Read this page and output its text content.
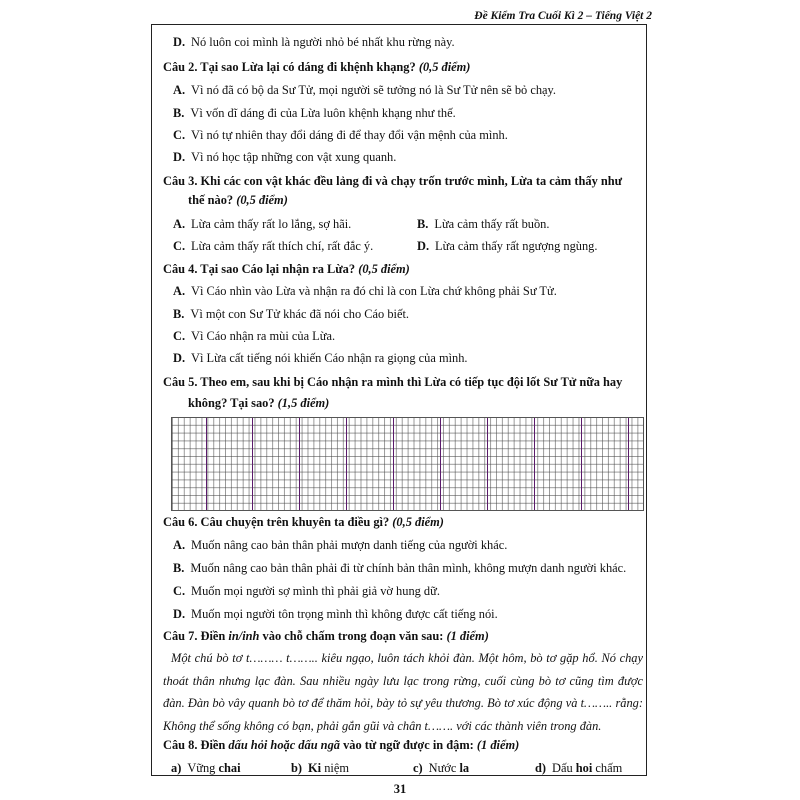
Đề Kiểm Tra Cuối Kì 2 – Tiếng Việt 2
D. Nó luôn coi mình là người nhỏ bé nhất khu rừng này.
Câu 2. Tại sao Lừa lại có dáng đi khệnh khạng? (0,5 điểm)
A. Vì nó đã có bộ da Sư Tử, mọi người sẽ tưởng nó là Sư Tử nên sẽ bỏ chạy.
B. Vì vốn dĩ dáng đi của Lừa luôn khệnh khạng như thế.
C. Vì nó tự nhiên thay đổi dáng đi để thay đổi vận mệnh của mình.
D. Vì nó học tập những con vật xung quanh.
Câu 3. Khi các con vật khác đều lảng đi và chạy trốn trước mình, Lừa ta cảm thấy như
thế nào? (0,5 điểm)
A. Lừa cảm thấy rất lo lắng, sợ hãi.	B. Lừa cảm thấy rất buồn.
C. Lừa cảm thấy rất thích chí, rất đắc ý.	D. Lừa cảm thấy rất ngượng ngùng.
Câu 4. Tại sao Cáo lại nhận ra Lừa? (0,5 điểm)
A. Vì Cáo nhìn vào Lừa và nhận ra đó chỉ là con Lừa chứ không phải Sư Tử.
B. Vì một con Sư Tử khác đã nói cho Cáo biết.
C. Vì Cáo nhận ra mùi của Lừa.
D. Vì Lừa cất tiếng nói khiến Cáo nhận ra giọng của mình.
Câu 5. Theo em, sau khi bị Cáo nhận ra mình thì Lừa có tiếp tục đội lốt Sư Tử nữa hay
không? Tại sao? (1,5 điểm)
Câu 6. Câu chuyện trên khuyên ta điều gì? (0,5 điểm)
A. Muốn nâng cao bản thân phải mượn danh tiếng của người khác.
B. Muốn nâng cao bản thân phải đi từ chính bản thân mình, không mượn danh người khác.
C. Muốn mọi người sợ mình thì phải giả vờ hung dữ.
D. Muốn mọi người tôn trọng mình thì không được cất tiếng nói.
Câu 7. Điền in/inh vào chỗ chấm trong đoạn văn sau: (1 điểm)
Một chú bò tơ t……… t…….. kiêu ngạo, luôn tách khỏi đàn. Một hôm, bò tơ gặp hổ. Nó chạy thoát thân nhưng lạc đàn. Sau nhiều ngày lưu lạc trong rừng, cuối cùng bò tơ cũng tìm được đàn. Đàn bò vây quanh bò tơ để thăm hỏi, bày tỏ sự yêu thương. Bò tơ xúc động và t…….. rằng: Không thể sống không có bạn, phải gắn gũi và chân t……. với các thành viên trong đàn.
Câu 8. Điền dấu hỏi hoặc dấu ngã vào từ ngữ được in đậm: (1 điểm)
a) Vững chai	b) Ki niệm	c) Nước la	d) Dấu hoi chấm
31
